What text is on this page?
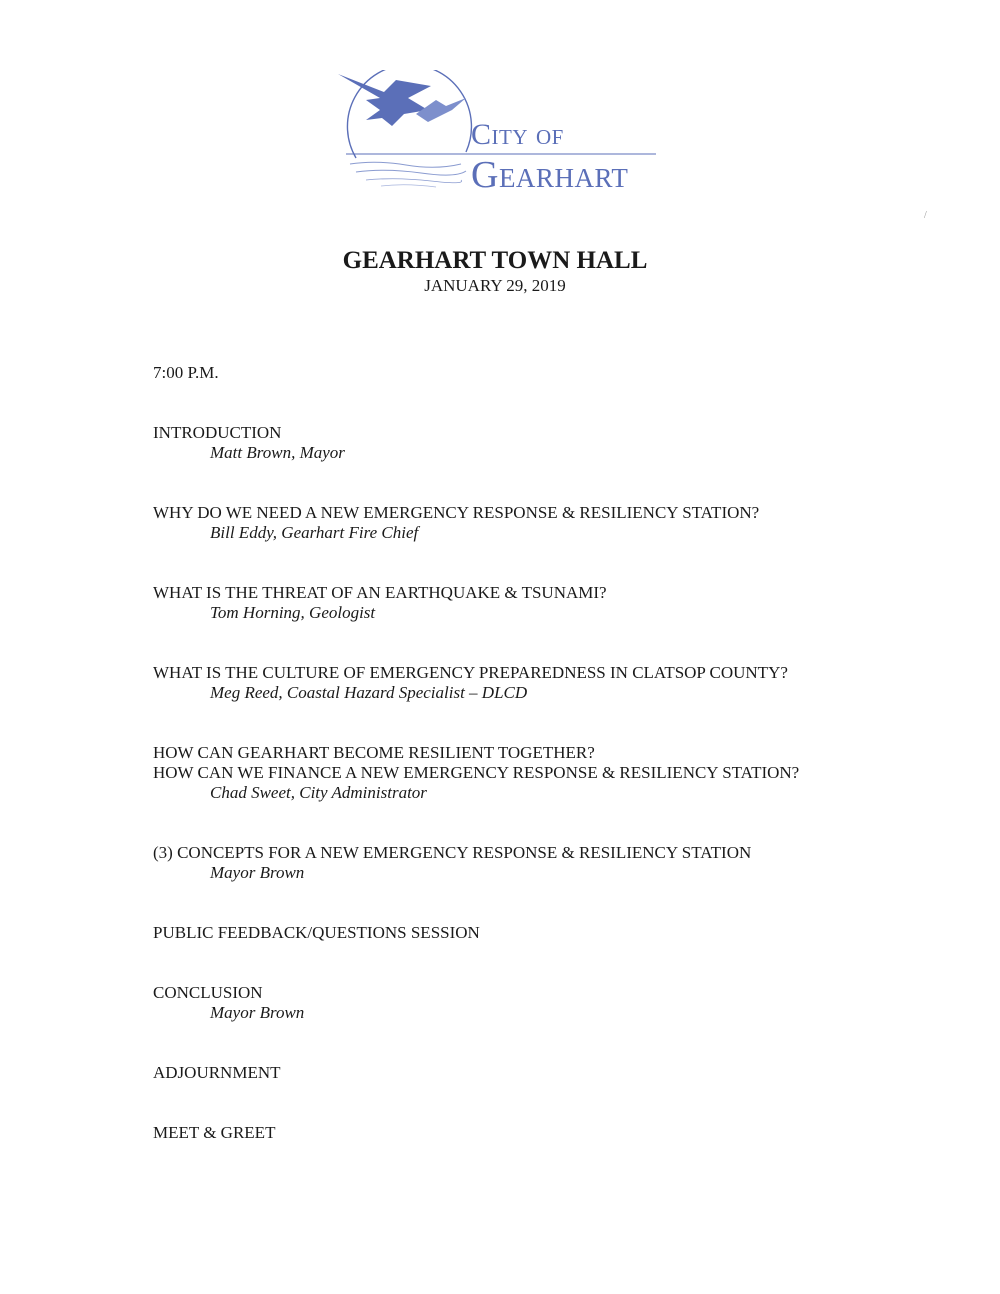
City of
Gearhart
GEARHART TOWN HALL
JANUARY 29, 2019
7:00 P.M.
INTRODUCTION
Matt Brown, Mayor
WHY DO WE NEED A NEW EMERGENCY RESPONSE & RESILIENCY STATION?
Bill Eddy, Gearhart Fire Chief
WHAT IS THE THREAT OF AN EARTHQUAKE & TSUNAMI?
Tom Horning, Geologist
WHAT IS THE CULTURE OF EMERGENCY PREPAREDNESS IN CLATSOP COUNTY?
Meg Reed, Coastal Hazard Specialist – DLCD
HOW CAN GEARHART BECOME RESILIENT TOGETHER?
HOW CAN WE FINANCE A NEW EMERGENCY RESPONSE & RESILIENCY STATION?
Chad Sweet, City Administrator
(3) CONCEPTS FOR A NEW EMERGENCY RESPONSE & RESILIENCY STATION
Mayor Brown
PUBLIC FEEDBACK/QUESTIONS SESSION
CONCLUSION
Mayor Brown
ADJOURNMENT
MEET & GREET
/
